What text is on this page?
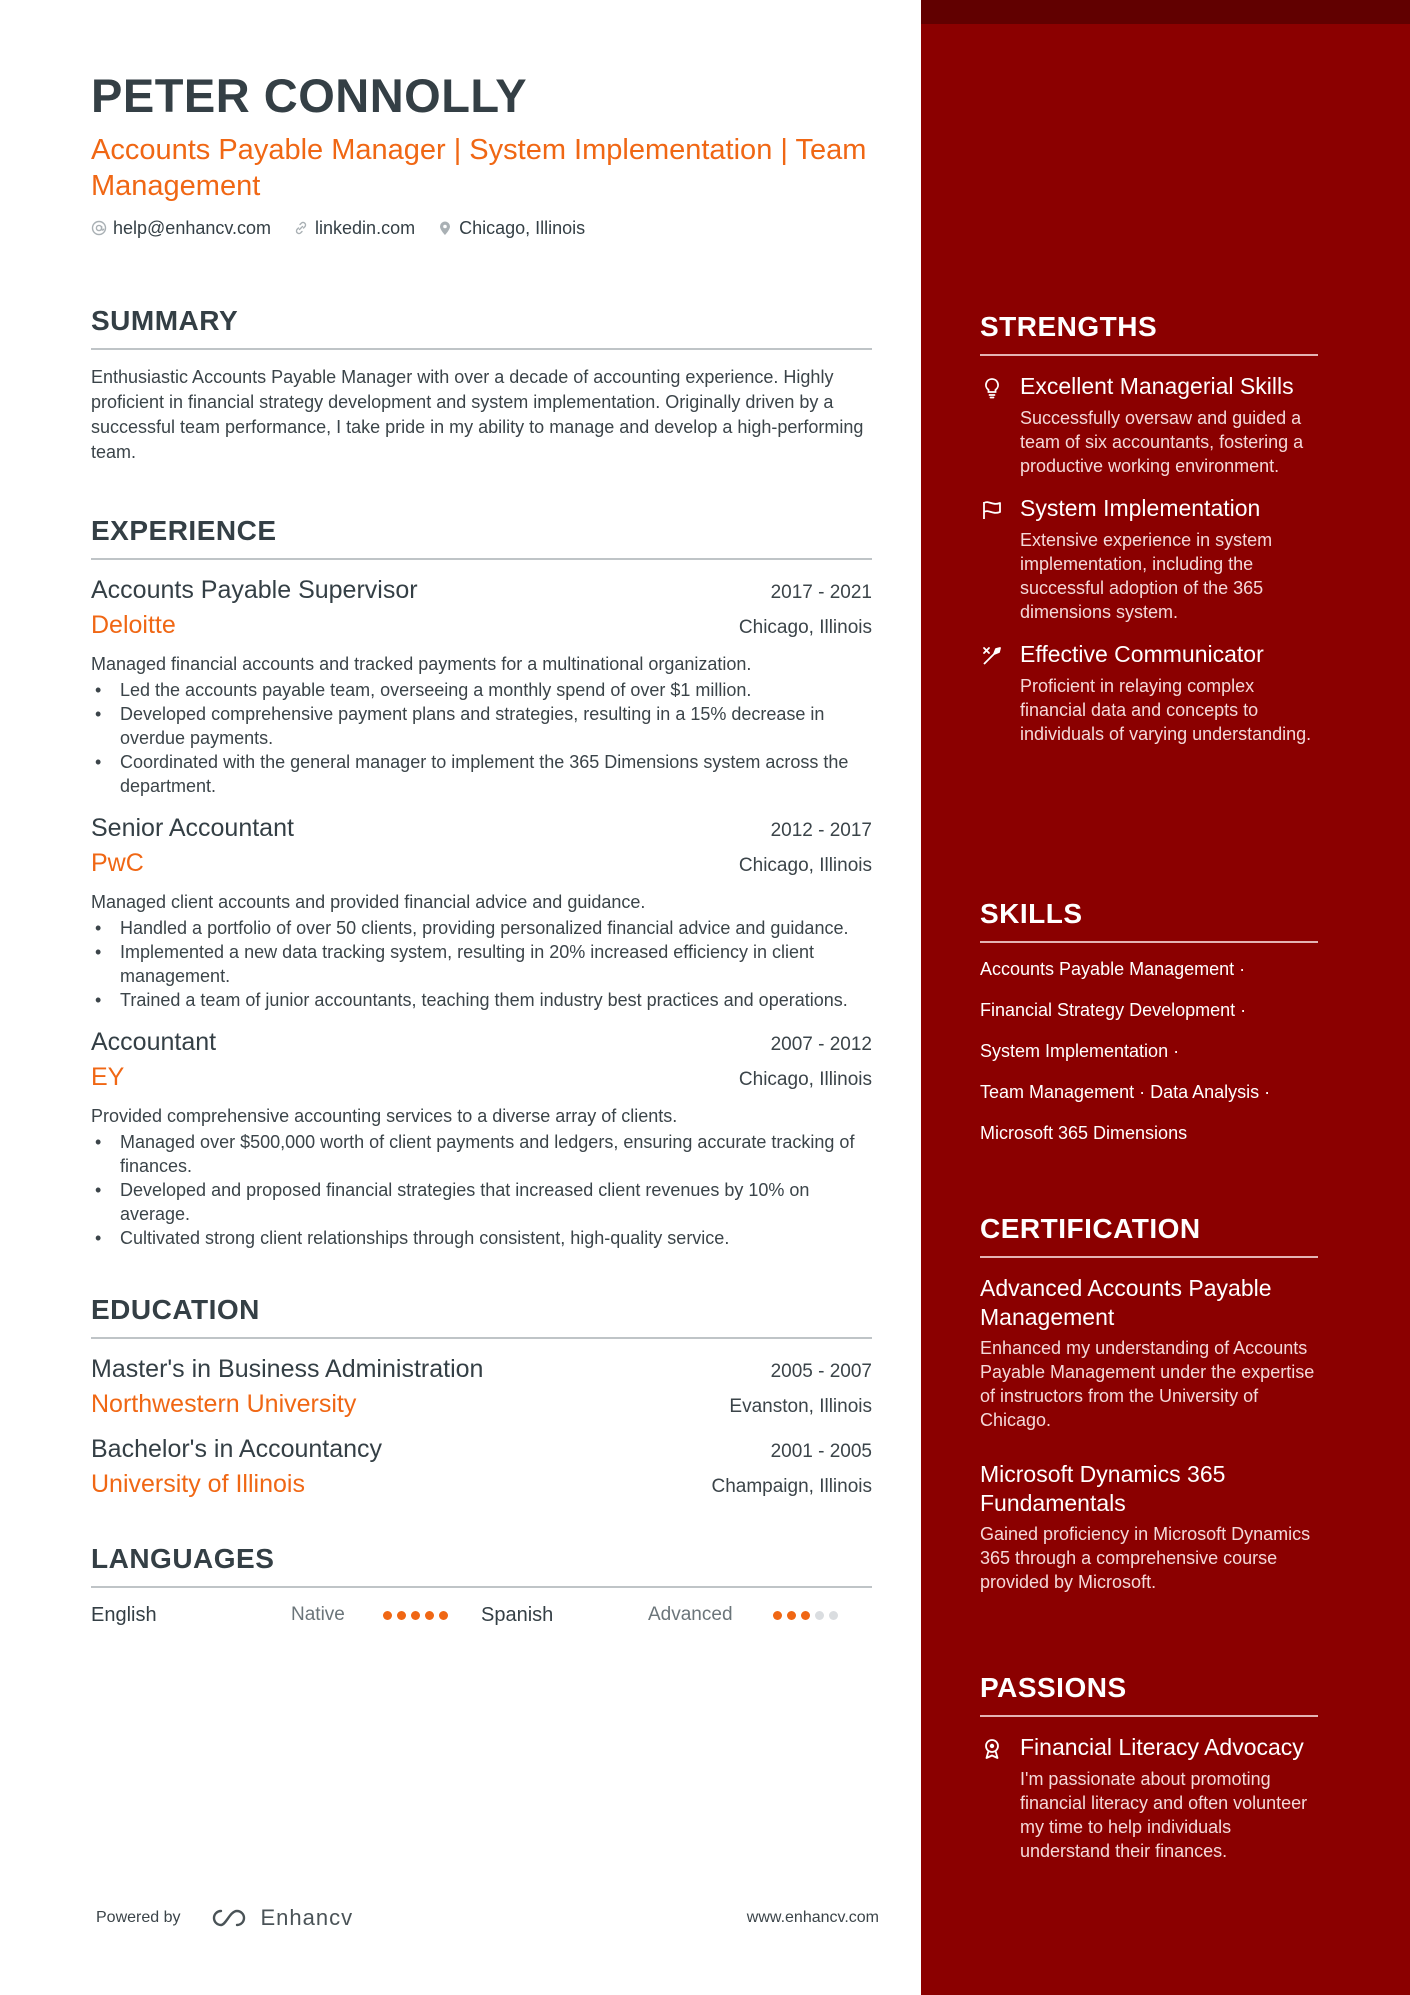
PETER CONNOLLY
Accounts Payable Manager | System Implementation | Team Management
help@enhancv.com linkedin.com Chicago, Illinois
SUMMARY

Enthusiastic Accounts Payable Manager with over a decade of accounting experience. Highly proficient in financial strategy development and system implementation. Originally driven by a successful team performance, I take pride in my ability to manage and develop a high-performing team.

EXPERIENCE
Accounts Payable Supervisor	2017 - 2021
Deloitte	Chicago, Illinois
Managed financial accounts and tracked payments for a multinational organization.
• Led the accounts payable team, overseeing a monthly spend of over $1 million.
• Developed comprehensive payment plans and strategies, resulting in a 15% decrease in overdue payments.
• Coordinated with the general manager to implement the 365 Dimensions system across the department.
Senior Accountant	2012 - 2017
PwC	Chicago, Illinois
Managed client accounts and provided financial advice and guidance.
• Handled a portfolio of over 50 clients, providing personalized financial advice and guidance.
• Implemented a new data tracking system, resulting in 20% increased efficiency in client management.
• Trained a team of junior accountants, teaching them industry best practices and operations.
Accountant	2007 - 2012
EY	Chicago, Illinois
Provided comprehensive accounting services to a diverse array of clients.
• Managed over $500,000 worth of client payments and ledgers, ensuring accurate tracking of finances.
• Developed and proposed financial strategies that increased client revenues by 10% on average.
• Cultivated strong client relationships through consistent, high-quality service.
EDUCATION
Master's in Business Administration	2005 - 2007
Northwestern University	Evanston, Illinois
Bachelor's in Accountancy	2001 - 2005
University of Illinois	Champaign, Illinois
LANGUAGES
English	Native	Spanish	Advanced
Powered by	Enhancv	www.enhancv.com
STRENGTHS
Excellent Managerial Skills
Successfully oversaw and guided a team of six accountants, fostering a productive working environment.
System Implementation
Extensive experience in system implementation, including the successful adoption of the 365 dimensions system.
Effective Communicator
Proficient in relaying complex financial data and concepts to individuals of varying understanding.
SKILLS
Accounts Payable Management ·
Financial Strategy Development ·
System Implementation ·
Team Management · Data Analysis ·
Microsoft 365 Dimensions
CERTIFICATION
Advanced Accounts Payable Management
Enhanced my understanding of Accounts Payable Management under the expertise of instructors from the University of Chicago.
Microsoft Dynamics 365 Fundamentals
Gained proficiency in Microsoft Dynamics 365 through a comprehensive course provided by Microsoft.
PASSIONS
Financial Literacy Advocacy
I'm passionate about promoting financial literacy and often volunteer my time to help individuals understand their finances.
